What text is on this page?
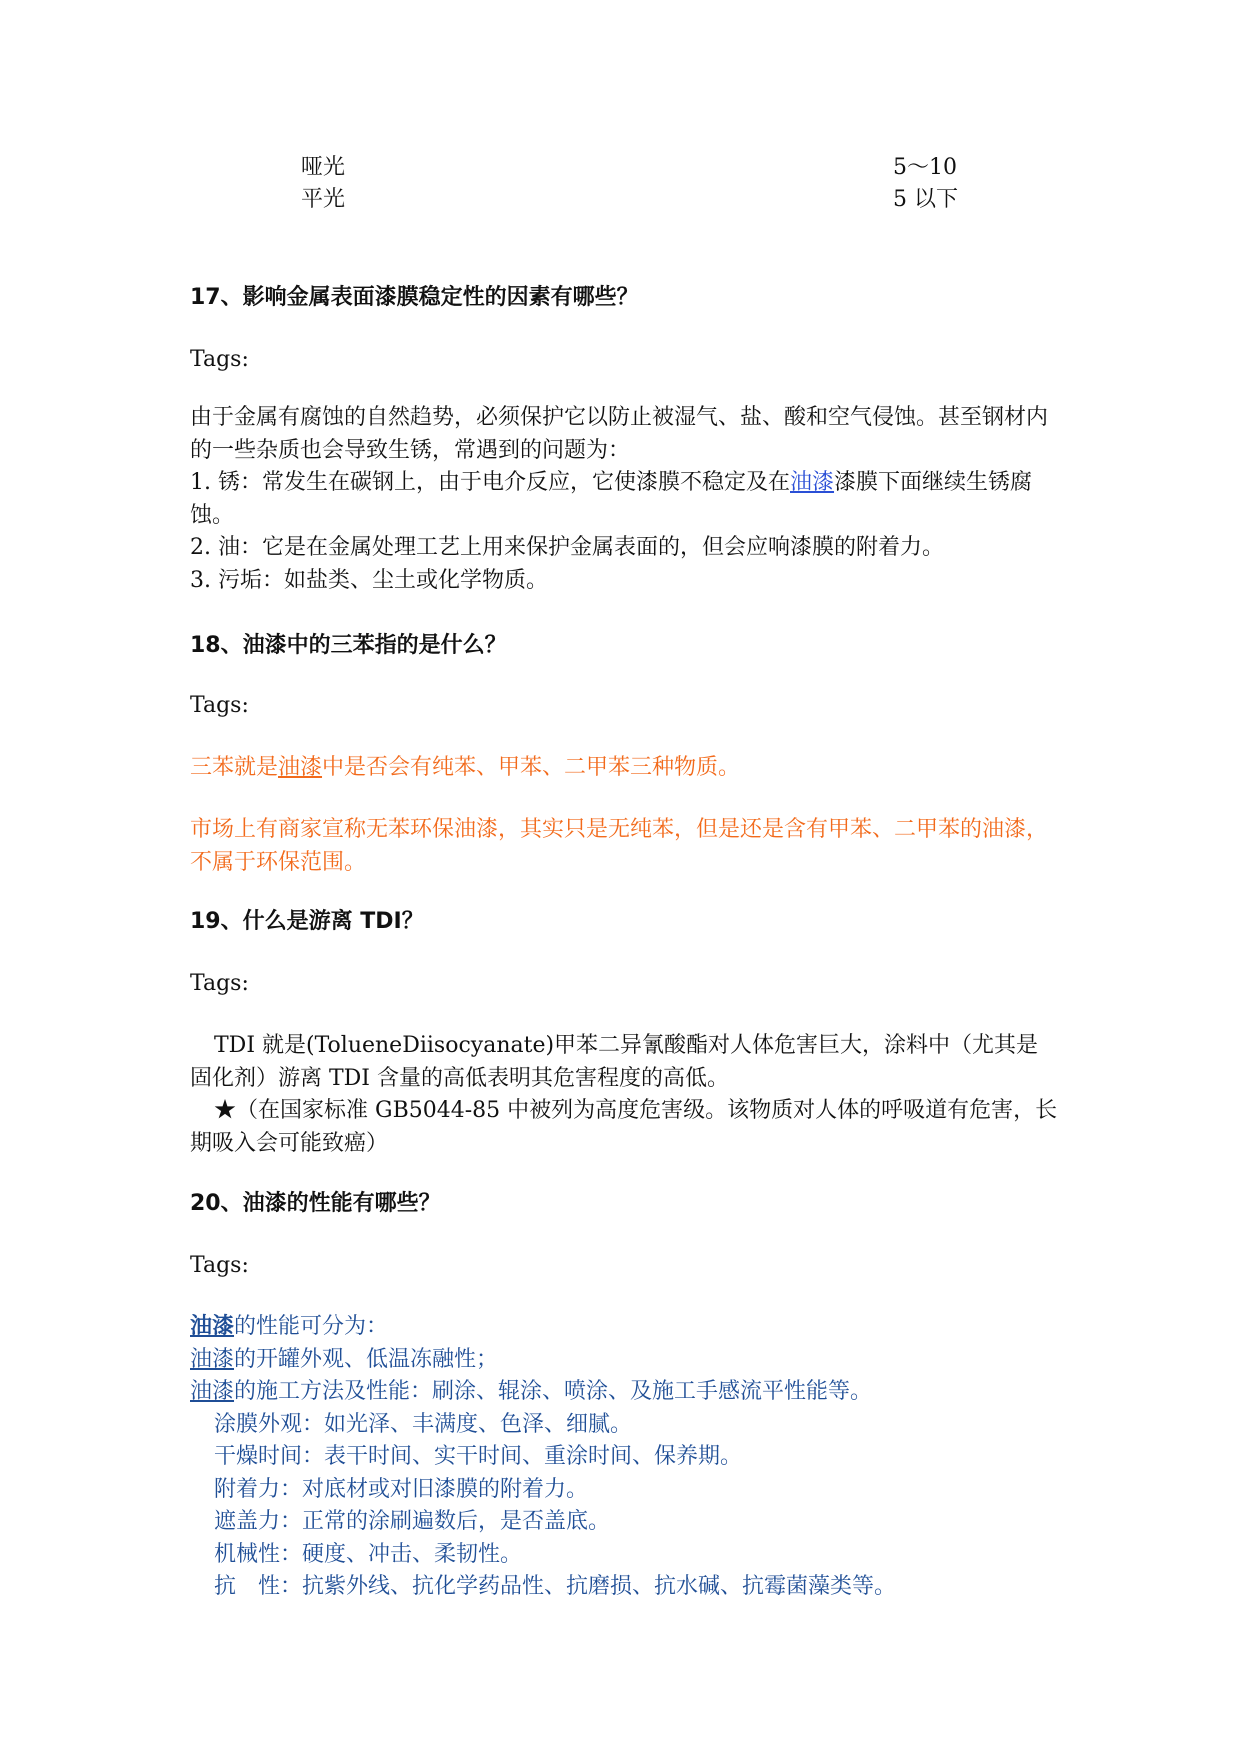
哑光	5～10
平光	5 以下
17、影响金属表面漆膜稳定性的因素有哪些？
Tags:

由于金属有腐蚀的自然趋势，必须保护它以防止被湿气、盐、酸和空气侵蚀。甚至钢材内的一些杂质也会导致生锈，常遇到的问题为：

1. 锈：常发生在碳钢上，由于电介反应，它使漆膜不稳定及在油漆漆膜下面继续生锈腐蚀。

2. 油：它是在金属处理工艺上用来保护金属表面的，但会应响漆膜的附着力。

3. 污垢：如盐类、尘土或化学物质。

18、油漆中的三苯指的是什么？
Tags:

三苯就是油漆中是否会有纯苯、甲苯、二甲苯三种物质。

市场上有商家宣称无苯环保油漆，其实只是无纯苯，但是还是含有甲苯、二甲苯的油漆，不属于环保范围。

19、什么是游离 TDI？
Tags:

TDI 就是(TolueneDiisocyanate)甲苯二异氰酸酯对人体危害巨大，涂料中（尤其是固化剂）游离 TDI 含量的高低表明其危害程度的高低。

★（在国家标准 GB5044-85 中被列为高度危害级。该物质对人体的呼吸道有危害，长期吸入会可能致癌）

20、油漆的性能有哪些？
Tags:

油漆的性能可分为：

油漆的开罐外观、低温冻融性；

油漆的施工方法及性能：刷涂、辊涂、喷涂、及施工手感流平性能等。

涂膜外观：如光泽、丰满度、色泽、细腻。

干燥时间：表干时间、实干时间、重涂时间、保养期。

附着力：对底材或对旧漆膜的附着力。

遮盖力：正常的涂刷遍数后，是否盖底。

机械性：硬度、冲击、柔韧性。

抗　性：抗紫外线、抗化学药品性、抗磨损、抗水碱、抗霉菌藻类等。
